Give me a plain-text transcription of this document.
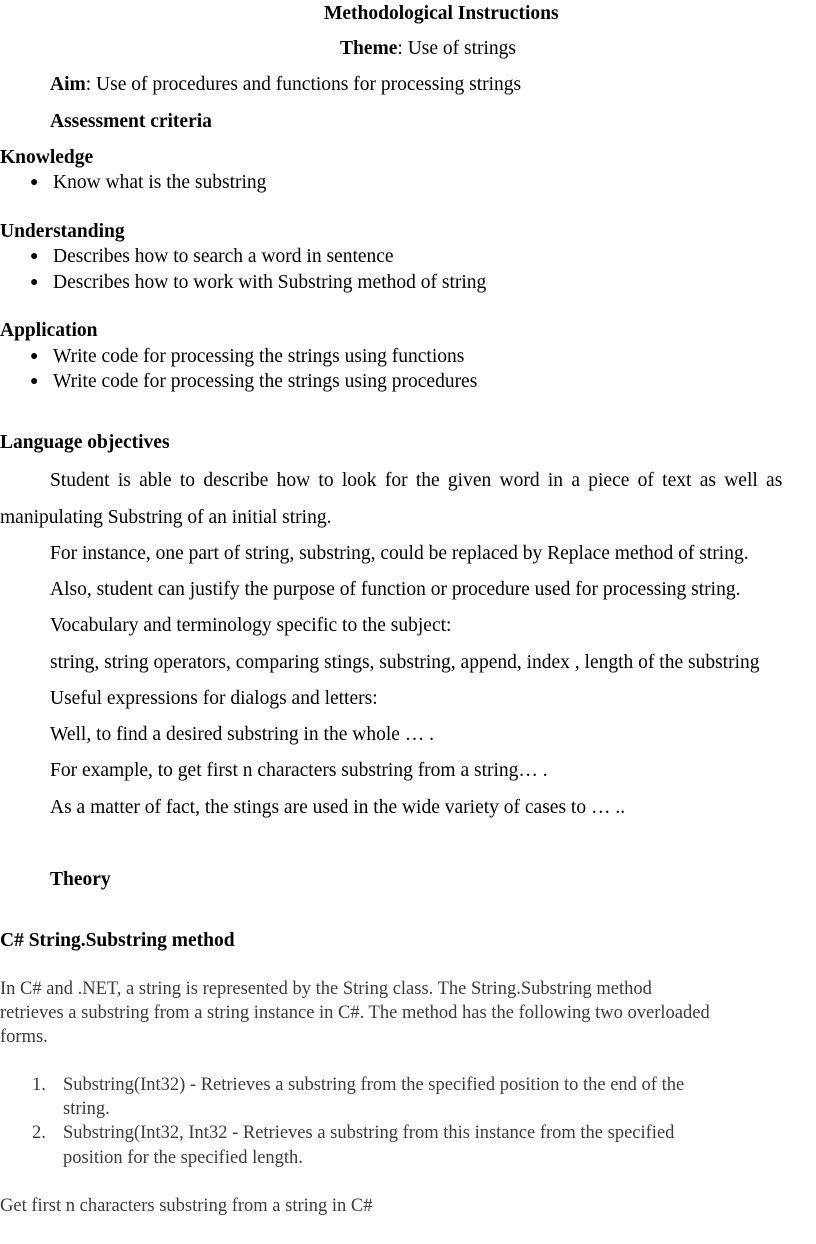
Methodological Instructions
Theme: Use of strings
Aim: Use of procedures and functions for processing strings
Assessment criteria
Knowledge
● Know what is the substring
Understanding
● Describes how to search a word in sentence
● Describes how to work with Substring method of string
Application
● Write code for processing the strings using functions
● Write code for processing the strings using procedures
Language objectives
Student is able to describe how to look for the given word in a piece of text as well as
manipulating Substring of an initial string.
For instance, one part of string, substring, could be replaced by Replace method of string.
Also, student can justify the purpose of function or procedure used for processing string.
Vocabulary and terminology specific to the subject:
string, string operators, comparing stings, substring, append, index , length of the substring
Useful expressions for dialogs and letters:
Well, to find a desired substring in the whole … .
For example, to get first n characters substring from a string… .
As a matter of fact, the stings are used in the wide variety of cases to … ..
Theory
C# String.Substring method
In C# and .NET, a string is represented by the String class. The String.Substring method
retrieves a substring from a string instance in C#. The method has the following two overloaded
forms.
1. Substring(Int32) - Retrieves a substring from the specified position to the end of the
string.
2. Substring(Int32, Int32 - Retrieves a substring from this instance from the specified
position for the specified length.
Get first n characters substring from a string in C#
